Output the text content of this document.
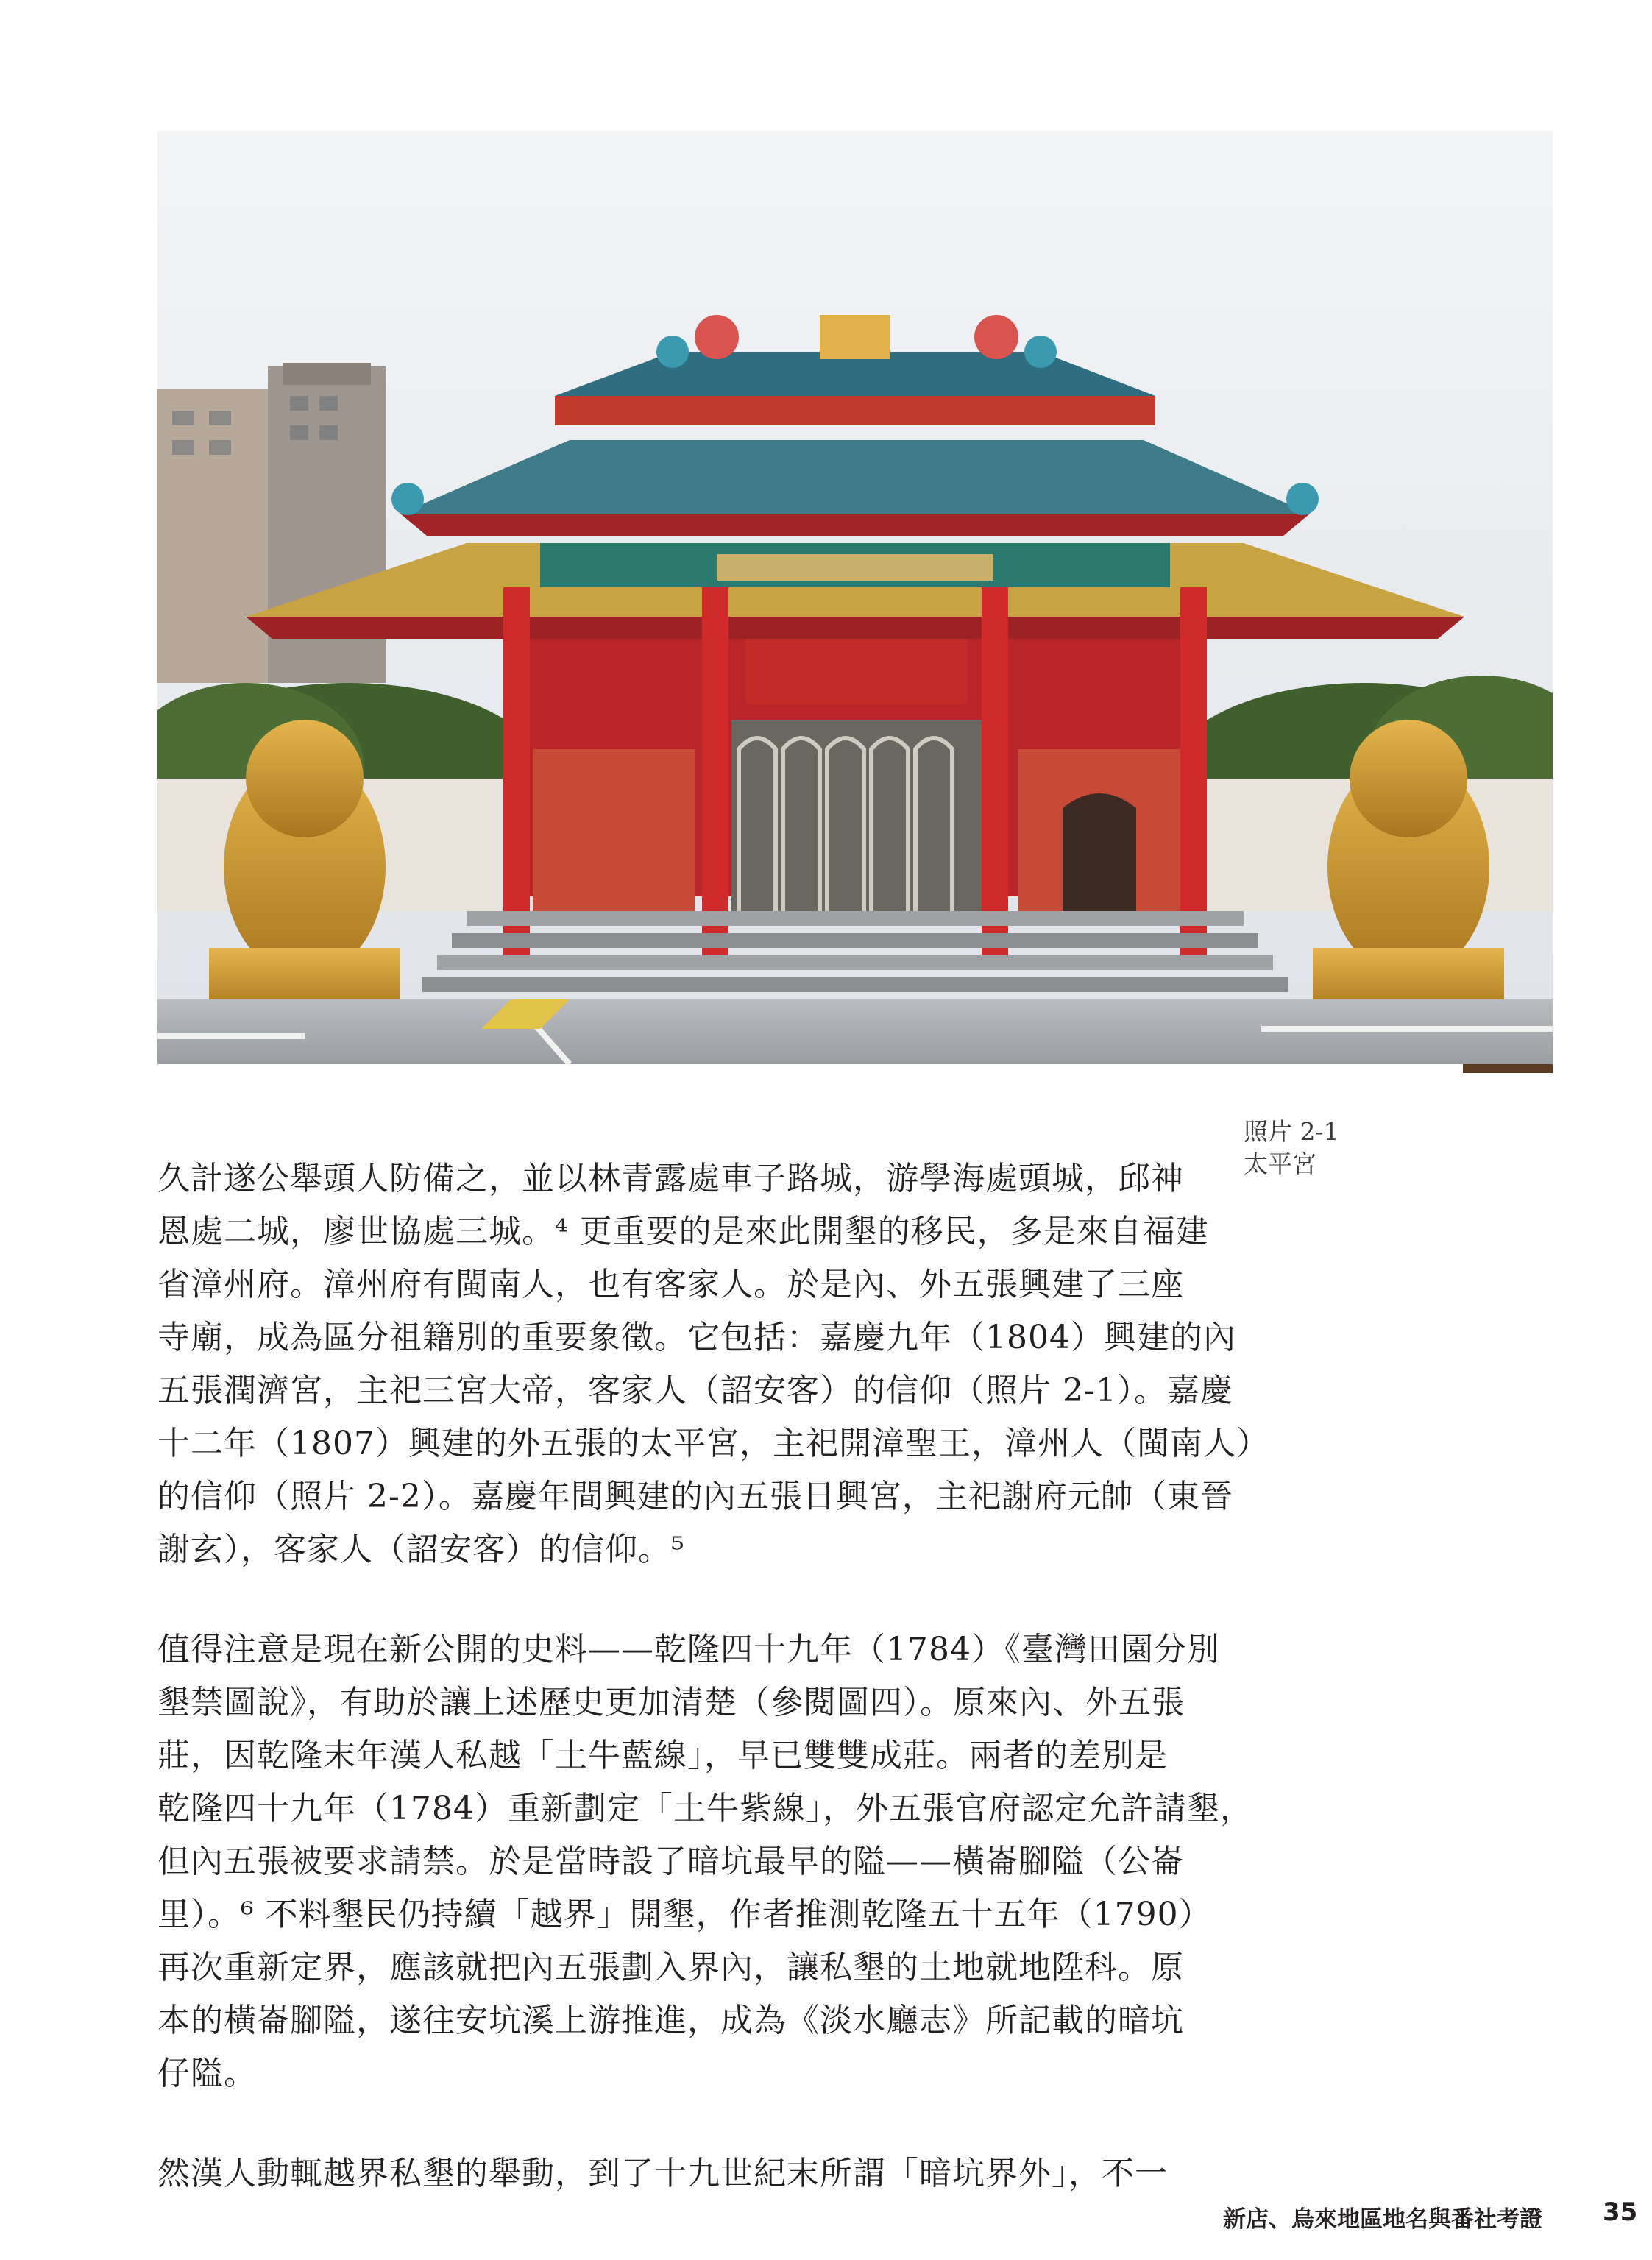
照片 2-1
太平宮
久計遂公舉頭人防備之，並以林青露處車子路城，游學海處頭城，邱神
恩處二城，廖世協處三城。⁴ 更重要的是來此開墾的移民，多是來自福建
省漳州府。漳州府有閩南人，也有客家人。於是內、外五張興建了三座
寺廟，成為區分祖籍別的重要象徵。它包括：嘉慶九年（1804）興建的內
五張潤濟宮，主祀三宮大帝，客家人（詔安客）的信仰（照片 2-1）。嘉慶
十二年（1807）興建的外五張的太平宮，主祀開漳聖王，漳州人（閩南人）
的信仰（照片 2-2）。嘉慶年間興建的內五張日興宮，主祀謝府元帥（東晉
謝玄），客家人（詔安客）的信仰。⁵
值得注意是現在新公開的史料——乾隆四十九年（1784）《臺灣田園分別
墾禁圖說》，有助於讓上述歷史更加清楚（參閱圖四）。原來內、外五張
莊，因乾隆末年漢人私越「土牛藍線」，早已雙雙成莊。兩者的差別是
乾隆四十九年（1784）重新劃定「土牛紫線」，外五張官府認定允許請墾，
但內五張被要求請禁。於是當時設了暗坑最早的隘——橫崙腳隘（公崙
里）。⁶ 不料墾民仍持續「越界」開墾，作者推測乾隆五十五年（1790）
再次重新定界，應該就把內五張劃入界內，讓私墾的土地就地陞科。原
本的橫崙腳隘，遂往安坑溪上游推進，成為《淡水廳志》所記載的暗坑
仔隘。
然漢人動輒越界私墾的舉動，到了十九世紀末所謂「暗坑界外」，不一
新店、烏來地區地名與番社考證 35
